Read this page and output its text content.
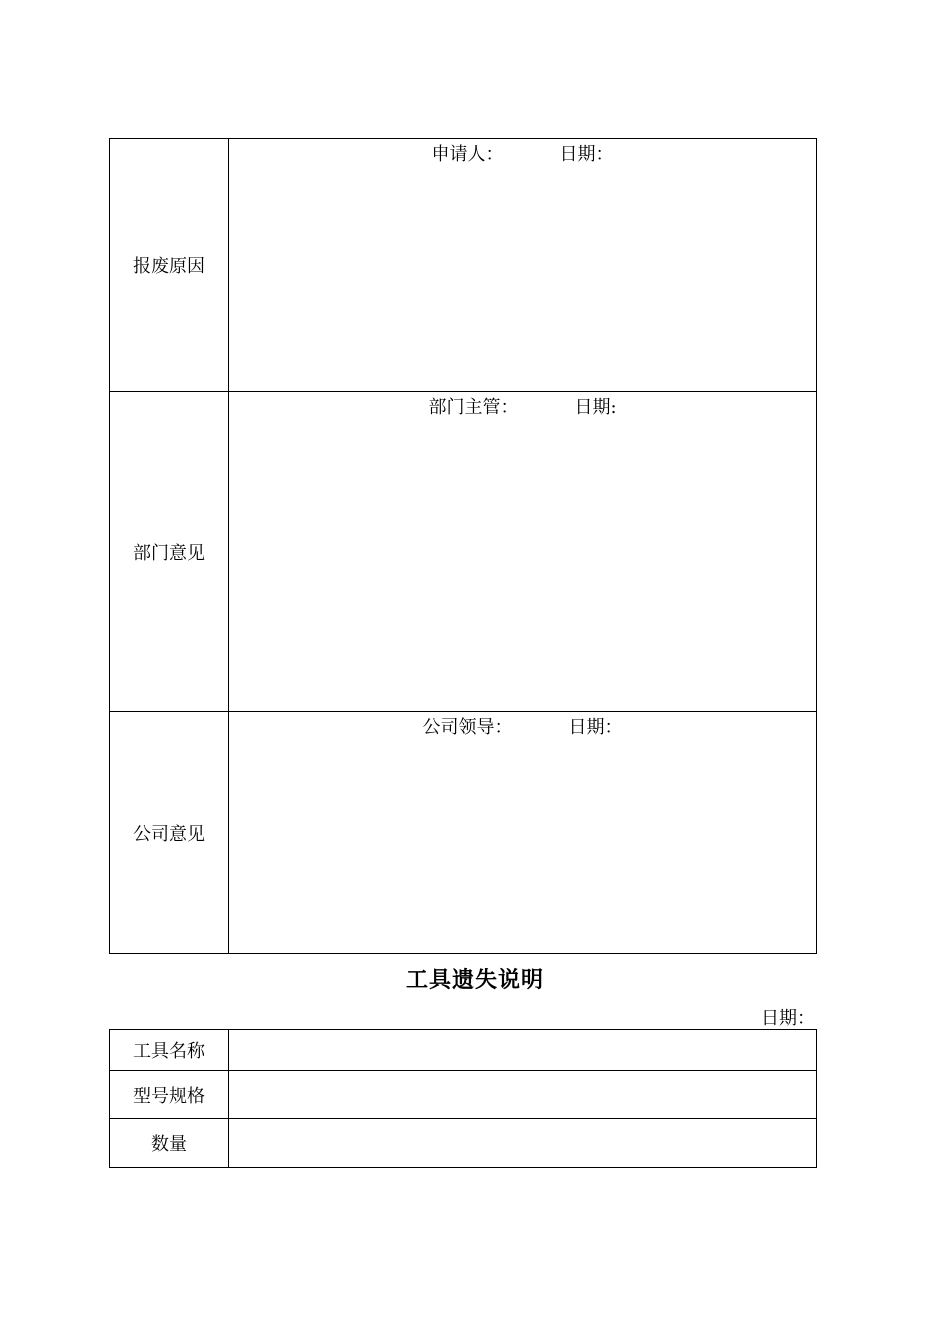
报废原因	申请人： 日期：

部门意见	部门主管： 日期:

公司意见	公司领导： 日期：
工具遗失说明
日期：
工具名称	
型号规格	
数量	
